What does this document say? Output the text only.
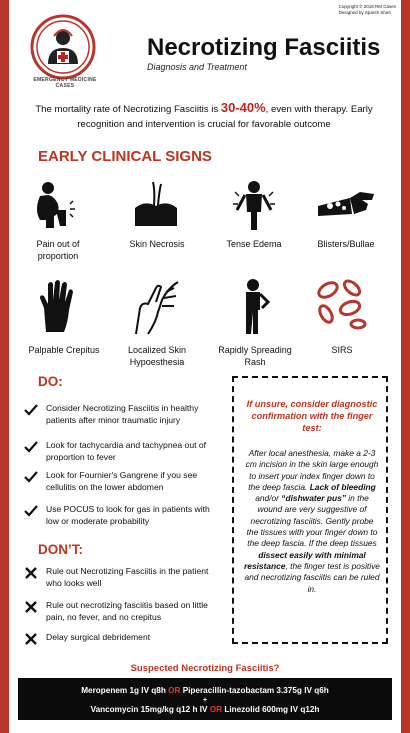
Copyright © 2018 RM Cases
Designed by Sparsh Shah
EMERGENCY MEDICINE CASES
Necrotizing Fasciitis
Diagnosis and Treatment
The mortality rate of Necrotizing Fasciitis is 30-40%, even with therapy. Early recognition and intervention is crucial for favorable outcome
EARLY CLINICAL SIGNS
Pain out of proportion
Skin Necrosis	Tense Edema	Blisters/Bullae
Palpable Crepitus	Localized Skin Hypoesthesia
Rapidly Spreading Rash
SIRS
DO:
Consider Necrotizing Fasciitis in healthy patients after minor traumatic injury
Look for tachycardia and tachypnea out of proportion to fever
Look for Fournier's Gangrene if you see cellulitis on the lower abdomen
Use POCUS to look for gas in patients with low or moderate probability
DON’T:
Rule out Necrotizing Fasciitis in the patient who looks well
Rule out necrotizing fasciitis based on little pain, no fever, and no crepitus
Delay surgical debridement
If unsure, consider diagnostic confirmation with the finger test:
After local anesthesia, make a 2-3 cm incision in the skin large enough to insert your index finger down to the deep fascia. Lack of bleeding and/or “dishwater pus” in the wound are very suggestive of necrotizing fasciitis. Gently probe the tissues with your finger down to the deep fascia. If the deep tissues dissect easily with minimal resistance, the finger test is positive and necrotizing fasciitis can be ruled in.
Suspected Necrotizing Fasciitis?
Meropenem 1g IV q8h OR Piperacillin-tazobactam 3.375g IV q6h
+
Vancomycin 15mg/kg q12 h IV OR Linezolid 600mg IV q12h
